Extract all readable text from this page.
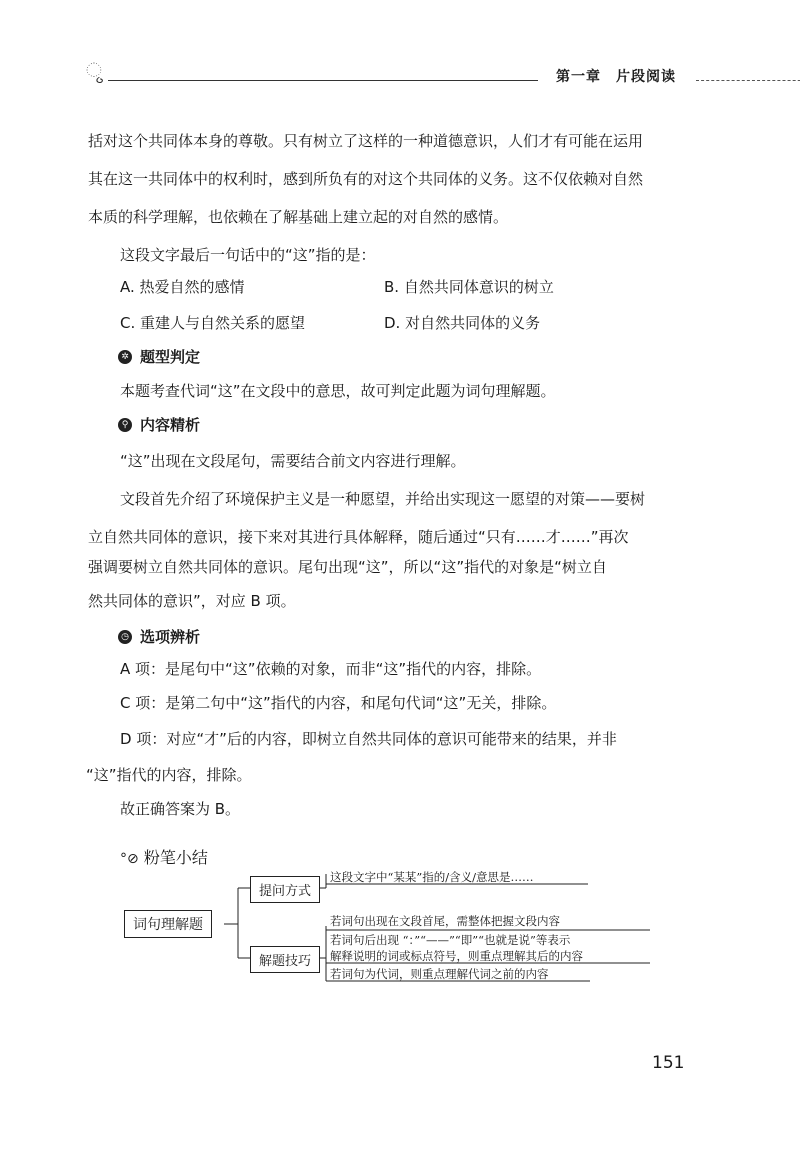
ୃ	第一章　片段阅读

括对这个共同体本身的尊敬。只有树立了这样的一种道德意识，人们才有可能在运用

其在这一共同体中的权利时，感到所负有的对这个共同体的义务。这不仅依赖对自然

本质的科学理解，也依赖在了解基础上建立起的对自然的感情。

这段文字最后一句话中的“这”指的是：

A. 热爱自然的感情	B. 自然共同体意识的树立
C. 重建人与自然关系的愿望	D. 对自然共同体的义务
✲ 题型判定

本题考查代词“这”在文段中的意思，故可判定此题为词句理解题。

⚲ 内容精析

“这”出现在文段尾句，需要结合前文内容进行理解。

文段首先介绍了环境保护主义是一种愿望，并给出实现这一愿望的对策——要树

立自然共同体的意识，接下来对其进行具体解释，随后通过“只有……才……”再次

强调要树立自然共同体的意识。尾句出现“这”，所以“这”指代的对象是“树立自

然共同体的意识”，对应 B 项。

◷ 选项辨析

A 项：是尾句中“这”依赖的对象，而非“这”指代的内容，排除。

C 项：是第二句中“这”指代的内容，和尾句代词“这”无关，排除。

D 项：对应“才”后的内容，即树立自然共同体的意识可能带来的结果，并非

“这”指代的内容，排除。

故正确答案为 B。

°⊘ 粉笔小结
词句理解题
提问方式
解题技巧
这段文字中“某某”指的/含义/意思是……
若词句出现在文段首尾，需整体把握文段内容
若词句后出现 “：”“——”“即”“也就是说”等表示
解释说明的词或标点符号，则重点理解其后的内容
若词句为代词，则重点理解代词之前的内容
151
